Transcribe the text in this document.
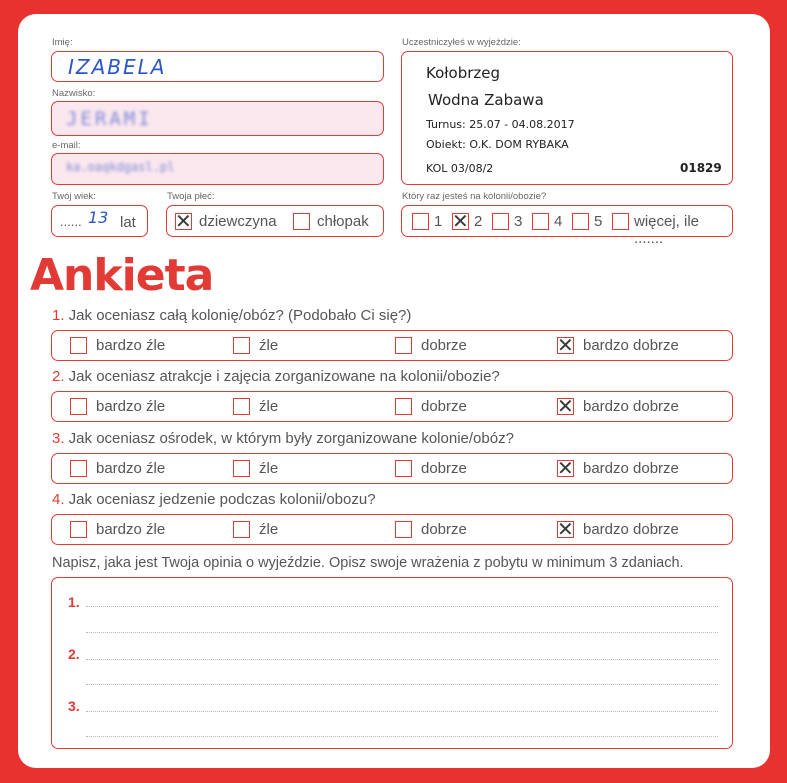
Imię:
IZABELA
Nazwisko:
JERAMI
e-mail:
ka.oaqkdgasl.pl
Twój wiek:
...... 13 lat
Twoja płeć:
✕ dziewczyna	chłopak
Uczestniczyłeś w wyjeździe:
Kołobrzeg
Wodna Zabawa
Turnus: 25.07 - 04.08.2017
Obiekt: O.K. DOM RYBAKA
KOL 03/08/2	01829
Który raz jesteś na kolonii/obozie?
1 ✕ 2 3 4 5 więcej, ile .......
Ankieta
1. Jak oceniasz całą kolonię/obóz? (Podobało Ci się?)
bardzo źle	źle	dobrze	✕ bardzo dobrze
2. Jak oceniasz atrakcje i zajęcia zorganizowane na kolonii/obozie?
bardzo źle	źle	dobrze	✕ bardzo dobrze
3. Jak oceniasz ośrodek, w którym były zorganizowane kolonie/obóz?
bardzo źle	źle	dobrze	✕ bardzo dobrze
4. Jak oceniasz jedzenie podczas kolonii/obozu?
bardzo źle	źle	dobrze	✕ bardzo dobrze
Napisz, jaka jest Twoja opinia o wyjeździe. Opisz swoje wrażenia z pobytu w minimum 3 zdaniach.
1.
2.
3.
